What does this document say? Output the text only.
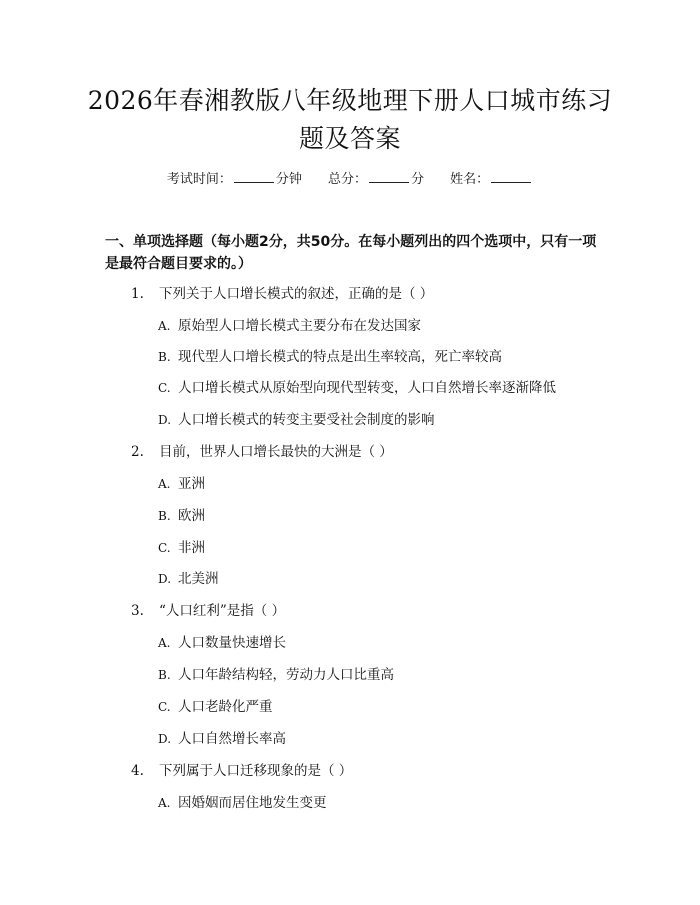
2026年春湘教版八年级地理下册人口城市练习题及答案
考试时间：	分钟 总分：	分 姓名：
一、单项选择题（每小题2分，共50分。在每小题列出的四个选项中，只有一项是最符合题目要求的。）
1. 下列关于人口增长模式的叙述，正确的是（ ）
A. 原始型人口增长模式主要分布在发达国家
B. 现代型人口增长模式的特点是出生率较高，死亡率较高
C. 人口增长模式从原始型向现代型转变，人口自然增长率逐渐降低
D. 人口增长模式的转变主要受社会制度的影响
2. 目前，世界人口增长最快的大洲是（ ）
A. 亚洲
B. 欧洲
C. 非洲
D. 北美洲
3. “人口红利”是指（ ）
A. 人口数量快速增长
B. 人口年龄结构轻，劳动力人口比重高
C. 人口老龄化严重
D. 人口自然增长率高
4. 下列属于人口迁移现象的是（ ）
A. 因婚姻而居住地发生变更
